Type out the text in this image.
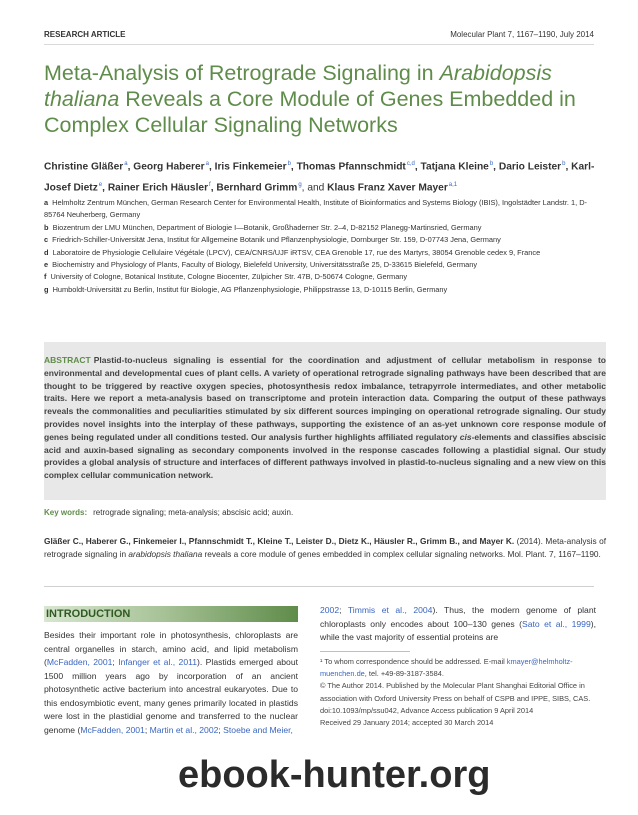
RESEARCH ARTICLE	Molecular Plant 7, 1167–1190, July 2014
Meta-Analysis of Retrograde Signaling in Arabidopsis thaliana Reveals a Core Module of Genes Embedded in Complex Cellular Signaling Networks
Christine Gläßer$^a$, Georg Haberer$^a$, Iris Finkemeier$^b$, Thomas Pfannschmidt$^{c,d}$, Tatjana Kleine$^b$, Dario Leister$^b$, Karl-Josef Dietz$^e$, Rainer Erich Häusler$^f$, Bernhard Grimm$^g$, and Klaus Franz Xaver Mayer$^{a,1}$

a Helmholtz Zentrum München, German Research Center for Environmental Health, Institute of Bioinformatics and Systems Biology (IBIS), Ingolstädter Landstr. 1, D-85764 Neuherberg, Germany

b Biozentrum der LMU München, Department of Biologie I—Botanik, Großhaderner Str. 2–4, D-82152 Planegg-Martinsried, Germany

c Friedrich-Schiller-Universität Jena, Institut für Allgemeine Botanik und Pflanzenphysiologie, Dornburger Str. 159, D-07743 Jena, Germany

d Laboratoire de Physiologie Cellulaire Végétale (LPCV), CEA/CNRS/UJF iRTSV, CEA Grenoble 17, rue des Martyrs, 38054 Grenoble cedex 9, France

e Biochemistry and Physiology of Plants, Faculty of Biology, Bielefeld University, Universitätsstraße 25, D-33615 Bielefeld, Germany

f University of Cologne, Botanical Institute, Cologne Biocenter, Zülpicher Str. 47B, D-50674 Cologne, Germany

g Humboldt-Universität zu Berlin, Institut für Biologie, AG Pflanzenphysiologie, Philippstrasse 13, D-10115 Berlin, Germany

ABSTRACT Plastid-to-nucleus signaling is essential for the coordination and adjustment of cellular metabolism in response to environmental and developmental cues of plant cells. A variety of operational retrograde signaling pathways have been described that are thought to be triggered by reactive oxygen species, photosynthesis redox imbalance, tetrapyrrole intermediates, and other metabolic traits. Here we report a meta-analysis based on transcriptome and protein interaction data. Comparing the output of these pathways reveals the commonalities and peculiarities stimulated by six different sources impinging on operational retrograde signaling. Our study provides novel insights into the interplay of these pathways, supporting the existence of an as-yet unknown core response module of genes being regulated under all conditions tested. Our analysis further highlights affiliated regulatory cis-elements and classifies abscisic acid and auxin-based signaling as secondary components involved in the response cascades following a plastidial signal. Our study provides a global analysis of structure and interfaces of different pathways involved in plastid-to-nucleus signaling and a new view on this complex cellular communication network.
Key words: retrograde signaling; meta-analysis; abscisic acid; auxin.
Gläßer C., Haberer G., Finkemeier I., Pfannschmidt T., Kleine T., Leister D., Dietz K., Häusler R., Grimm B., and Mayer K. (2014). Meta-analysis of retrograde signaling in arabidopsis thaliana reveals a core module of genes embedded in complex cellular signaling networks. Mol. Plant. 7, 1167–1190.
INTRODUCTION
Besides their important role in photosynthesis, chloroplasts are central organelles in starch, amino acid, and lipid metabolism (McFadden, 2001; Infanger et al., 2011). Plastids emerged about 1500 million years ago by incorporation of an ancient photosynthetic active bacterium into ancestral eukaryotes. Due to this endosymbiotic event, many genes primarily located in plastids were lost in the plastidial genome and transferred to the nuclear genome (McFadden, 2001; Martin et al., 2002; Stoebe and Meier,
2002; Timmis et al., 2004). Thus, the modern genome of plant chloroplasts only encodes about 100–130 genes (Sato et al., 1999), while the vast majority of essential proteins are

¹ To whom correspondence should be addressed. E-mail kmayer@helmholtz-muenchen.de, tel. +49-89-3187-3584.

© The Author 2014. Published by the Molecular Plant Shanghai Editorial Office in association with Oxford University Press on behalf of CSPB and IPPE, SIBS, CAS.

doi:10.1093/mp/ssu042, Advance Access publication 9 April 2014

Received 29 January 2014; accepted 30 March 2014

ebook-hunter.org
